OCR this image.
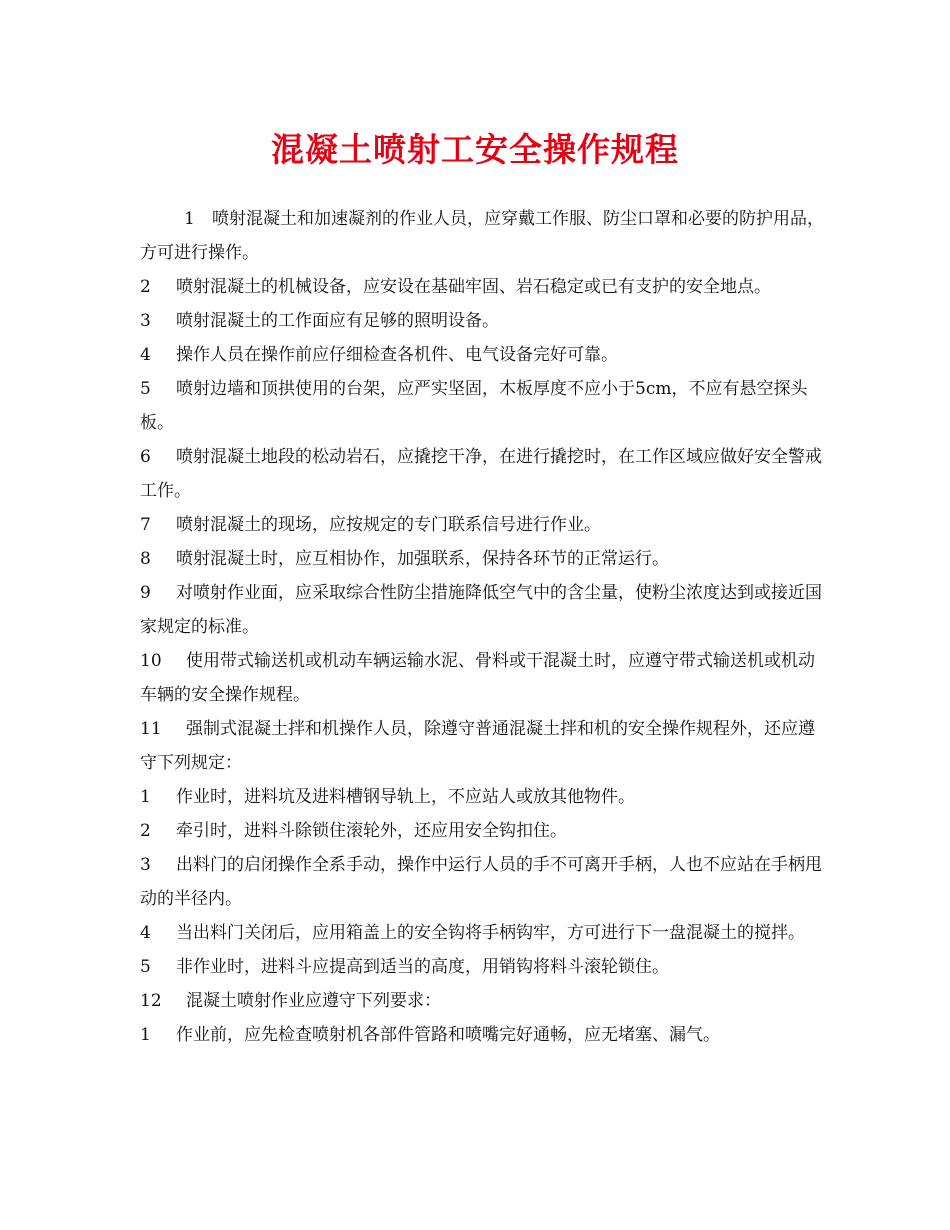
混凝土喷射工安全操作规程

1 喷射混凝土和加速凝剂的作业人员，应穿戴工作服、防尘口罩和必要的防护用品，方可进行操作。

2 喷射混凝土的机械设备，应安设在基础牢固、岩石稳定或已有支护的安全地点。

3 喷射混凝土的工作面应有足够的照明设备。

4 操作人员在操作前应仔细检查各机件、电气设备完好可靠。

5 喷射边墙和顶拱使用的台架，应严实坚固，木板厚度不应小于5cm，不应有悬空探头板。

6 喷射混凝土地段的松动岩石，应撬挖干净，在进行撬挖时，在工作区域应做好安全警戒工作。

7 喷射混凝土的现场，应按规定的专门联系信号进行作业。

8 喷射混凝土时，应互相协作，加强联系，保持各环节的正常运行。

9 对喷射作业面，应采取综合性防尘措施降低空气中的含尘量，使粉尘浓度达到或接近国家规定的标准。

10 使用带式输送机或机动车辆运输水泥、骨料或干混凝土时，应遵守带式输送机或机动车辆的安全操作规程。

11 强制式混凝土拌和机操作人员，除遵守普通混凝土拌和机的安全操作规程外，还应遵守下列规定：

1 作业时，进料坑及进料槽钢导轨上，不应站人或放其他物件。

2 牵引时，进料斗除锁住滚轮外，还应用安全钩扣住。

3 出料门的启闭操作全系手动，操作中运行人员的手不可离开手柄，人也不应站在手柄甩动的半径内。

4 当出料门关闭后，应用箱盖上的安全钩将手柄钩牢，方可进行下一盘混凝土的搅拌。

5 非作业时，进料斗应提高到适当的高度，用销钩将料斗滚轮锁住。

12 混凝土喷射作业应遵守下列要求：

1 作业前，应先检查喷射机各部件管路和喷嘴完好通畅，应无堵塞、漏气。
